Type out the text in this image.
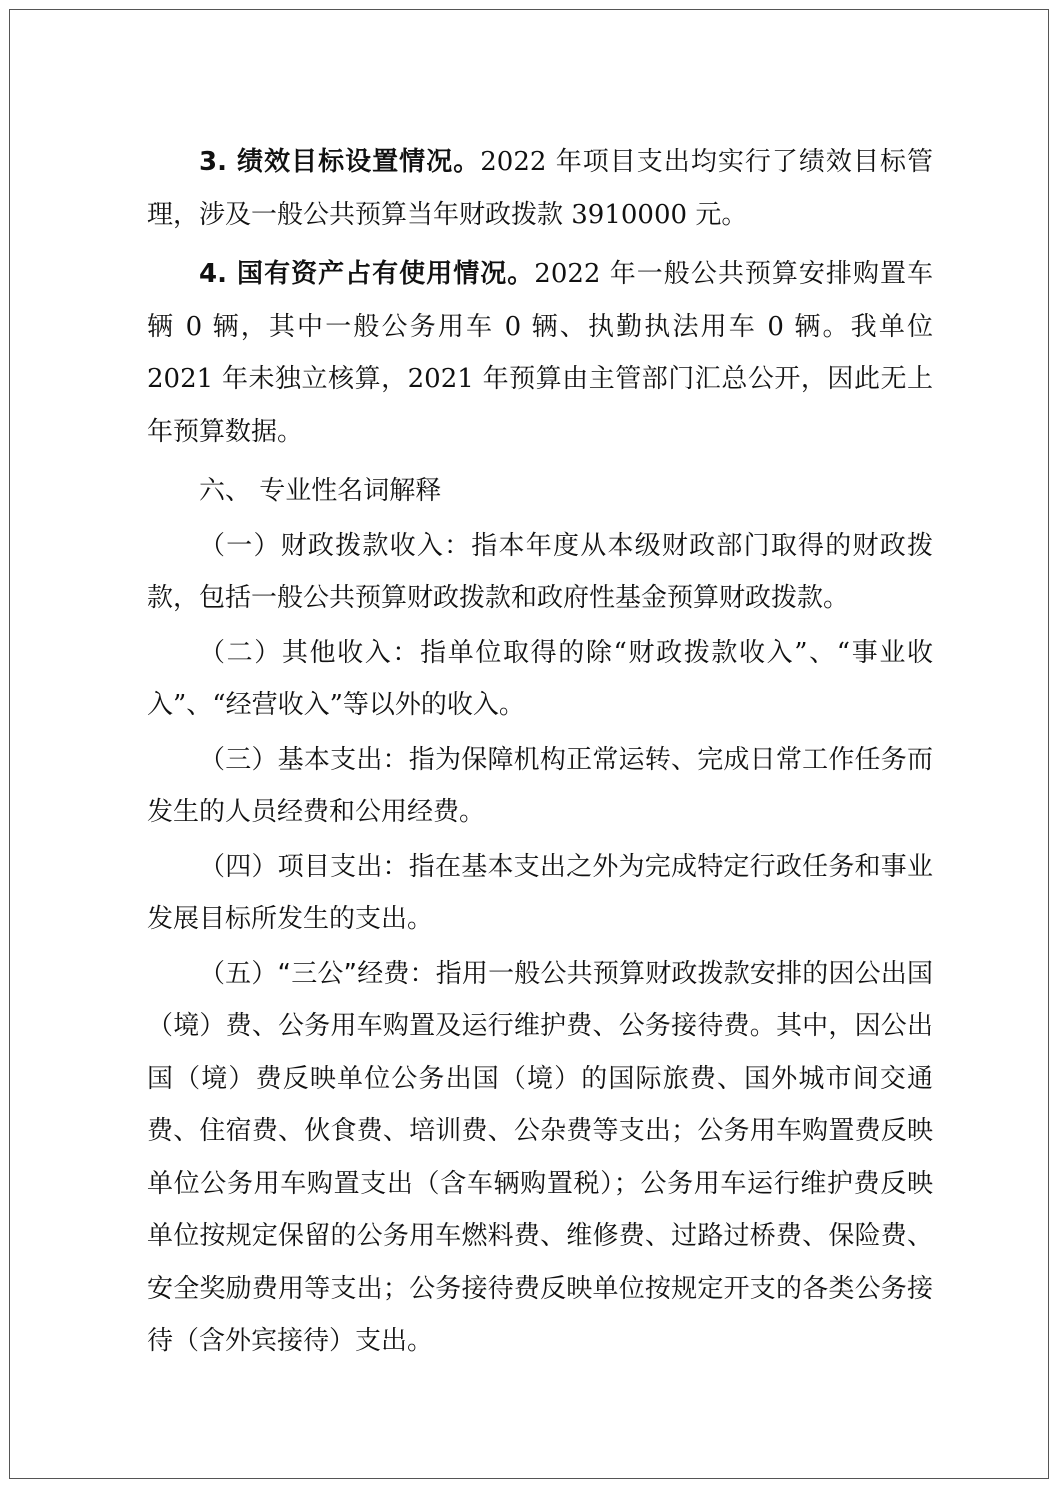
3. 绩效目标设置情况。2022 年项目支出均实行了绩效目标管理，涉及一般公共预算当年财政拨款 3910000 元。

4. 国有资产占有使用情况。2022 年一般公共预算安排购置车辆 0 辆，其中一般公务用车 0 辆、执勤执法用车 0 辆。我单位 2021 年未独立核算，2021 年预算由主管部门汇总公开，因此无上年预算数据。

六、 专业性名词解释

（一）财政拨款收入：指本年度从本级财政部门取得的财政拨款，包括一般公共预算财政拨款和政府性基金预算财政拨款。

（二）其他收入：指单位取得的除“财政拨款收入”、“事业收入”、“经营收入”等以外的收入。

（三）基本支出：指为保障机构正常运转、完成日常工作任务而发生的人员经费和公用经费。

（四）项目支出：指在基本支出之外为完成特定行政任务和事业发展目标所发生的支出。

（五）“三公”经费：指用一般公共预算财政拨款安排的因公出国（境）费、公务用车购置及运行维护费、公务接待费。其中，因公出国（境）费反映单位公务出国（境）的国际旅费、国外城市间交通费、住宿费、伙食费、培训费、公杂费等支出；公务用车购置费反映单位公务用车购置支出（含车辆购置税）；公务用车运行维护费反映单位按规定保留的公务用车燃料费、维修费、过路过桥费、保险费、安全奖励费用等支出；公务接待费反映单位按规定开支的各类公务接待（含外宾接待）支出。
